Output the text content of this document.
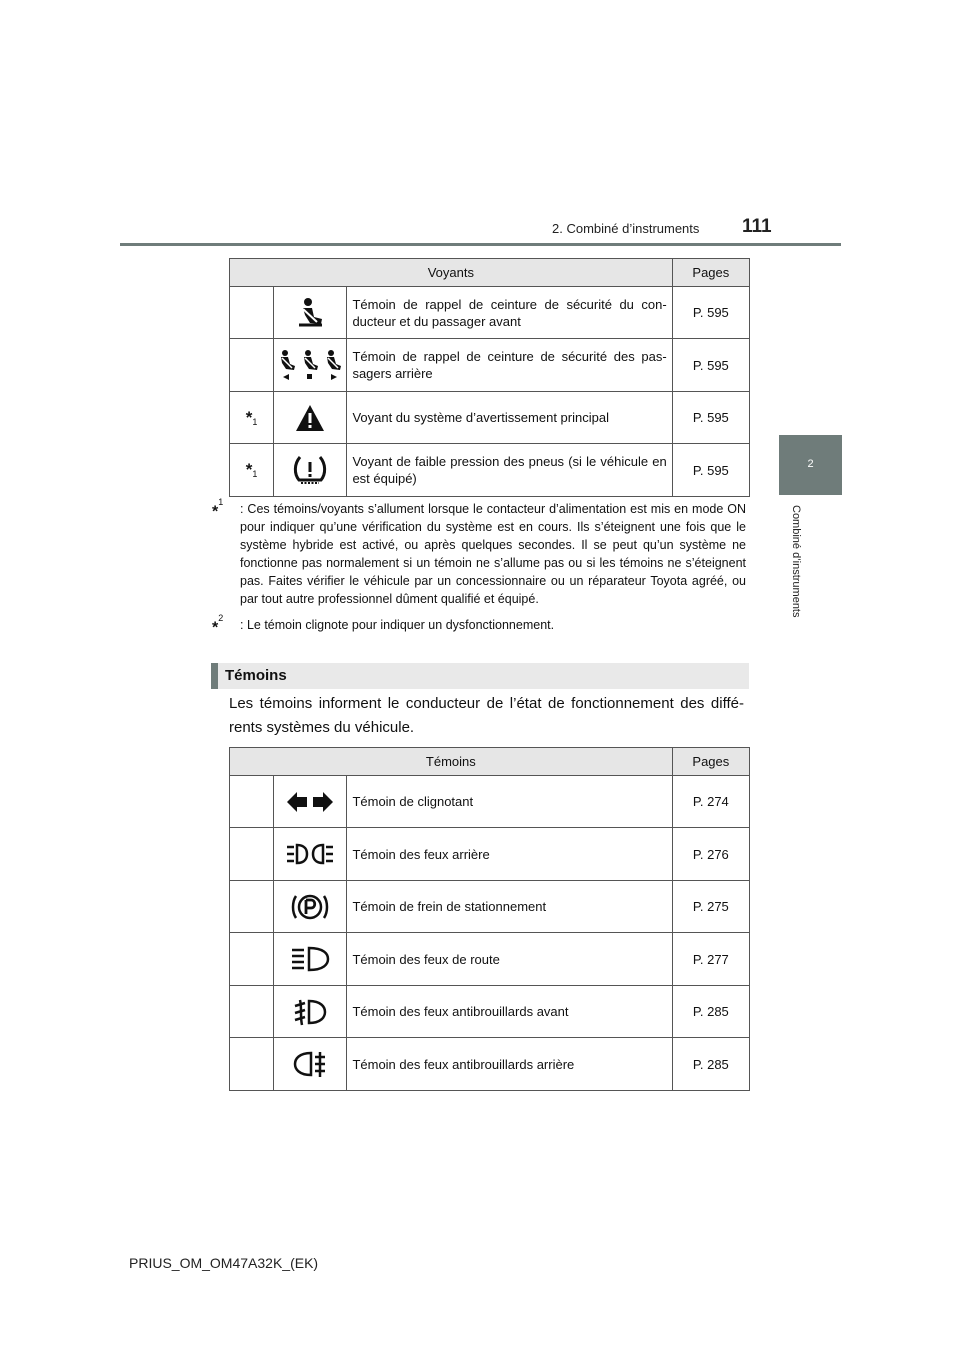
2. Combiné d’instruments 111
2
Combiné d’instruments
Voyants			Pages

	Témoin de rappel de ceinture de sécurité du con-ducteur et du passager avant	P. 595

	Témoin de rappel de ceinture de sécurité des pas-sagers arrière	P. 595
$*_1$		Voyant du système d’avertissement principal	P. 595
$*_1$		Voyant de faible pression des pneus (si le véhicule en est équipé)	P. 595
*$^1$ : Ces témoins/voyants s’allument lorsque le contacteur d’alimentation est mis en mode ON pour indiquer qu’une vérification du système est en cours. Ils s’éteignent une fois que le système hybride est activé, ou après quelques secondes. Il se peut qu’un système ne fonctionne pas normalement si un témoin ne s’allume pas ou si les témoins ne s’éteignent pas. Faites vérifier le véhicule par un concessionnaire ou un réparateur Toyota agréé, ou par tout autre professionnel dûment qualifié et équipé.
*$^2$ : Le témoin clignote pour indiquer un dysfonctionnement.
Témoins
Les témoins informent le conducteur de l’état de fonctionnement des diffé-rents systèmes du véhicule.
Témoins			Pages

	Témoin de clignotant	P. 274

	Témoin des feux arrière	P. 276

	Témoin de frein de stationnement	P. 275

	Témoin des feux de route	P. 277

	Témoin des feux antibrouillards avant	P. 285

	Témoin des feux antibrouillards arrière	P. 285
PRIUS_OM_OM47A32K_(EK)
